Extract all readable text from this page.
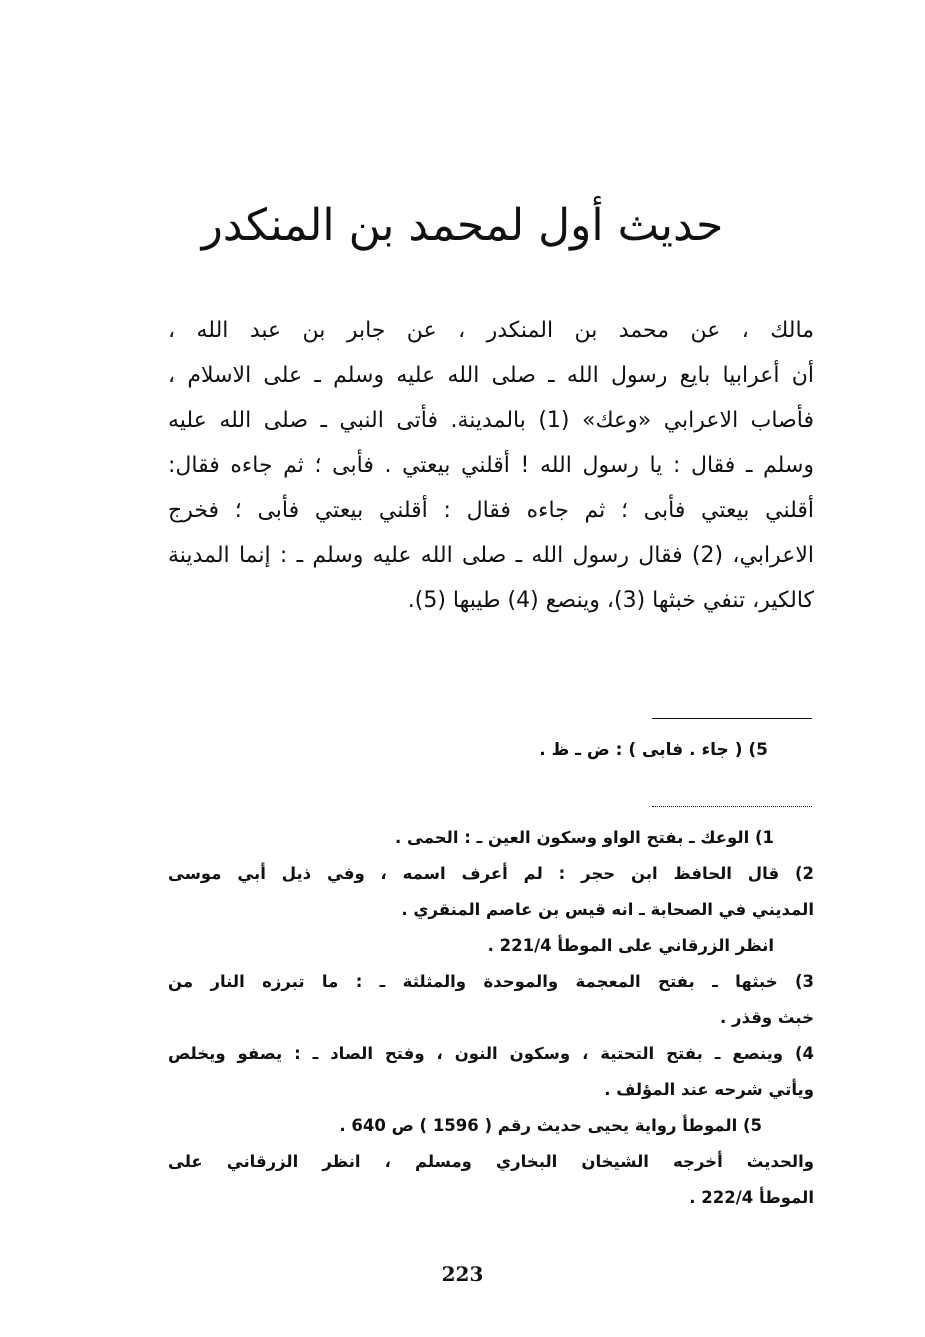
حديث أول لمحمد بن المنكدر
مالك ، عن محمد بن المنكدر ، عن جابر بن عبد الله ،
أن أعرابيا بايع رسول الله ـ صلى الله عليه وسلم ـ على الاسلام ،
فأصاب الاعرابي «وعك» (1) بالمدينة. فأتى النبي ـ صلى الله عليه
وسلم ـ فقال : يا رسول الله ! أقلني بيعتي . فأبى ؛ ثم جاءه فقال:
أقلني بيعتي فأبى ؛ ثم جاءه فقال : أقلني بيعتي فأبى ؛ فخرج
الاعرابي، (2) فقال رسول الله ـ صلى الله عليه وسلم ـ : إنما المدينة
كالكير، تنفي خبثها (3)، وينصع (4) طيبها (5).
5) ( جاء . فابى ) : ض ـ ظ .
1) الوعك ـ بفتح الواو وسكون العين ـ : الحمى .
2) قال الحافظ ابن حجر : لم أعرف اسمه ، وفي ذيل أبي موسى
المديني في الصحابة ـ انه قيس بن عاصم المنقري .
انظر الزرقاني على الموطأ 221/4 .
3) خبثها ـ بفتح المعجمة والموحدة والمثلثة ـ : ما تبرزه النار من
خبث وقذر .
4) وينصع ـ بفتح التحتية ، وسكون النون ، وفتح الصاد ـ : يصفو ويخلص
ويأتي شرحه عند المؤلف .
5) الموطأ رواية يحيى حديث رقم ( 1596 ) ص 640 .
والحديث أخرجه الشيخان البخاري ومسلم ، انظر الزرقاني على
الموطأ 222/4 .
223
